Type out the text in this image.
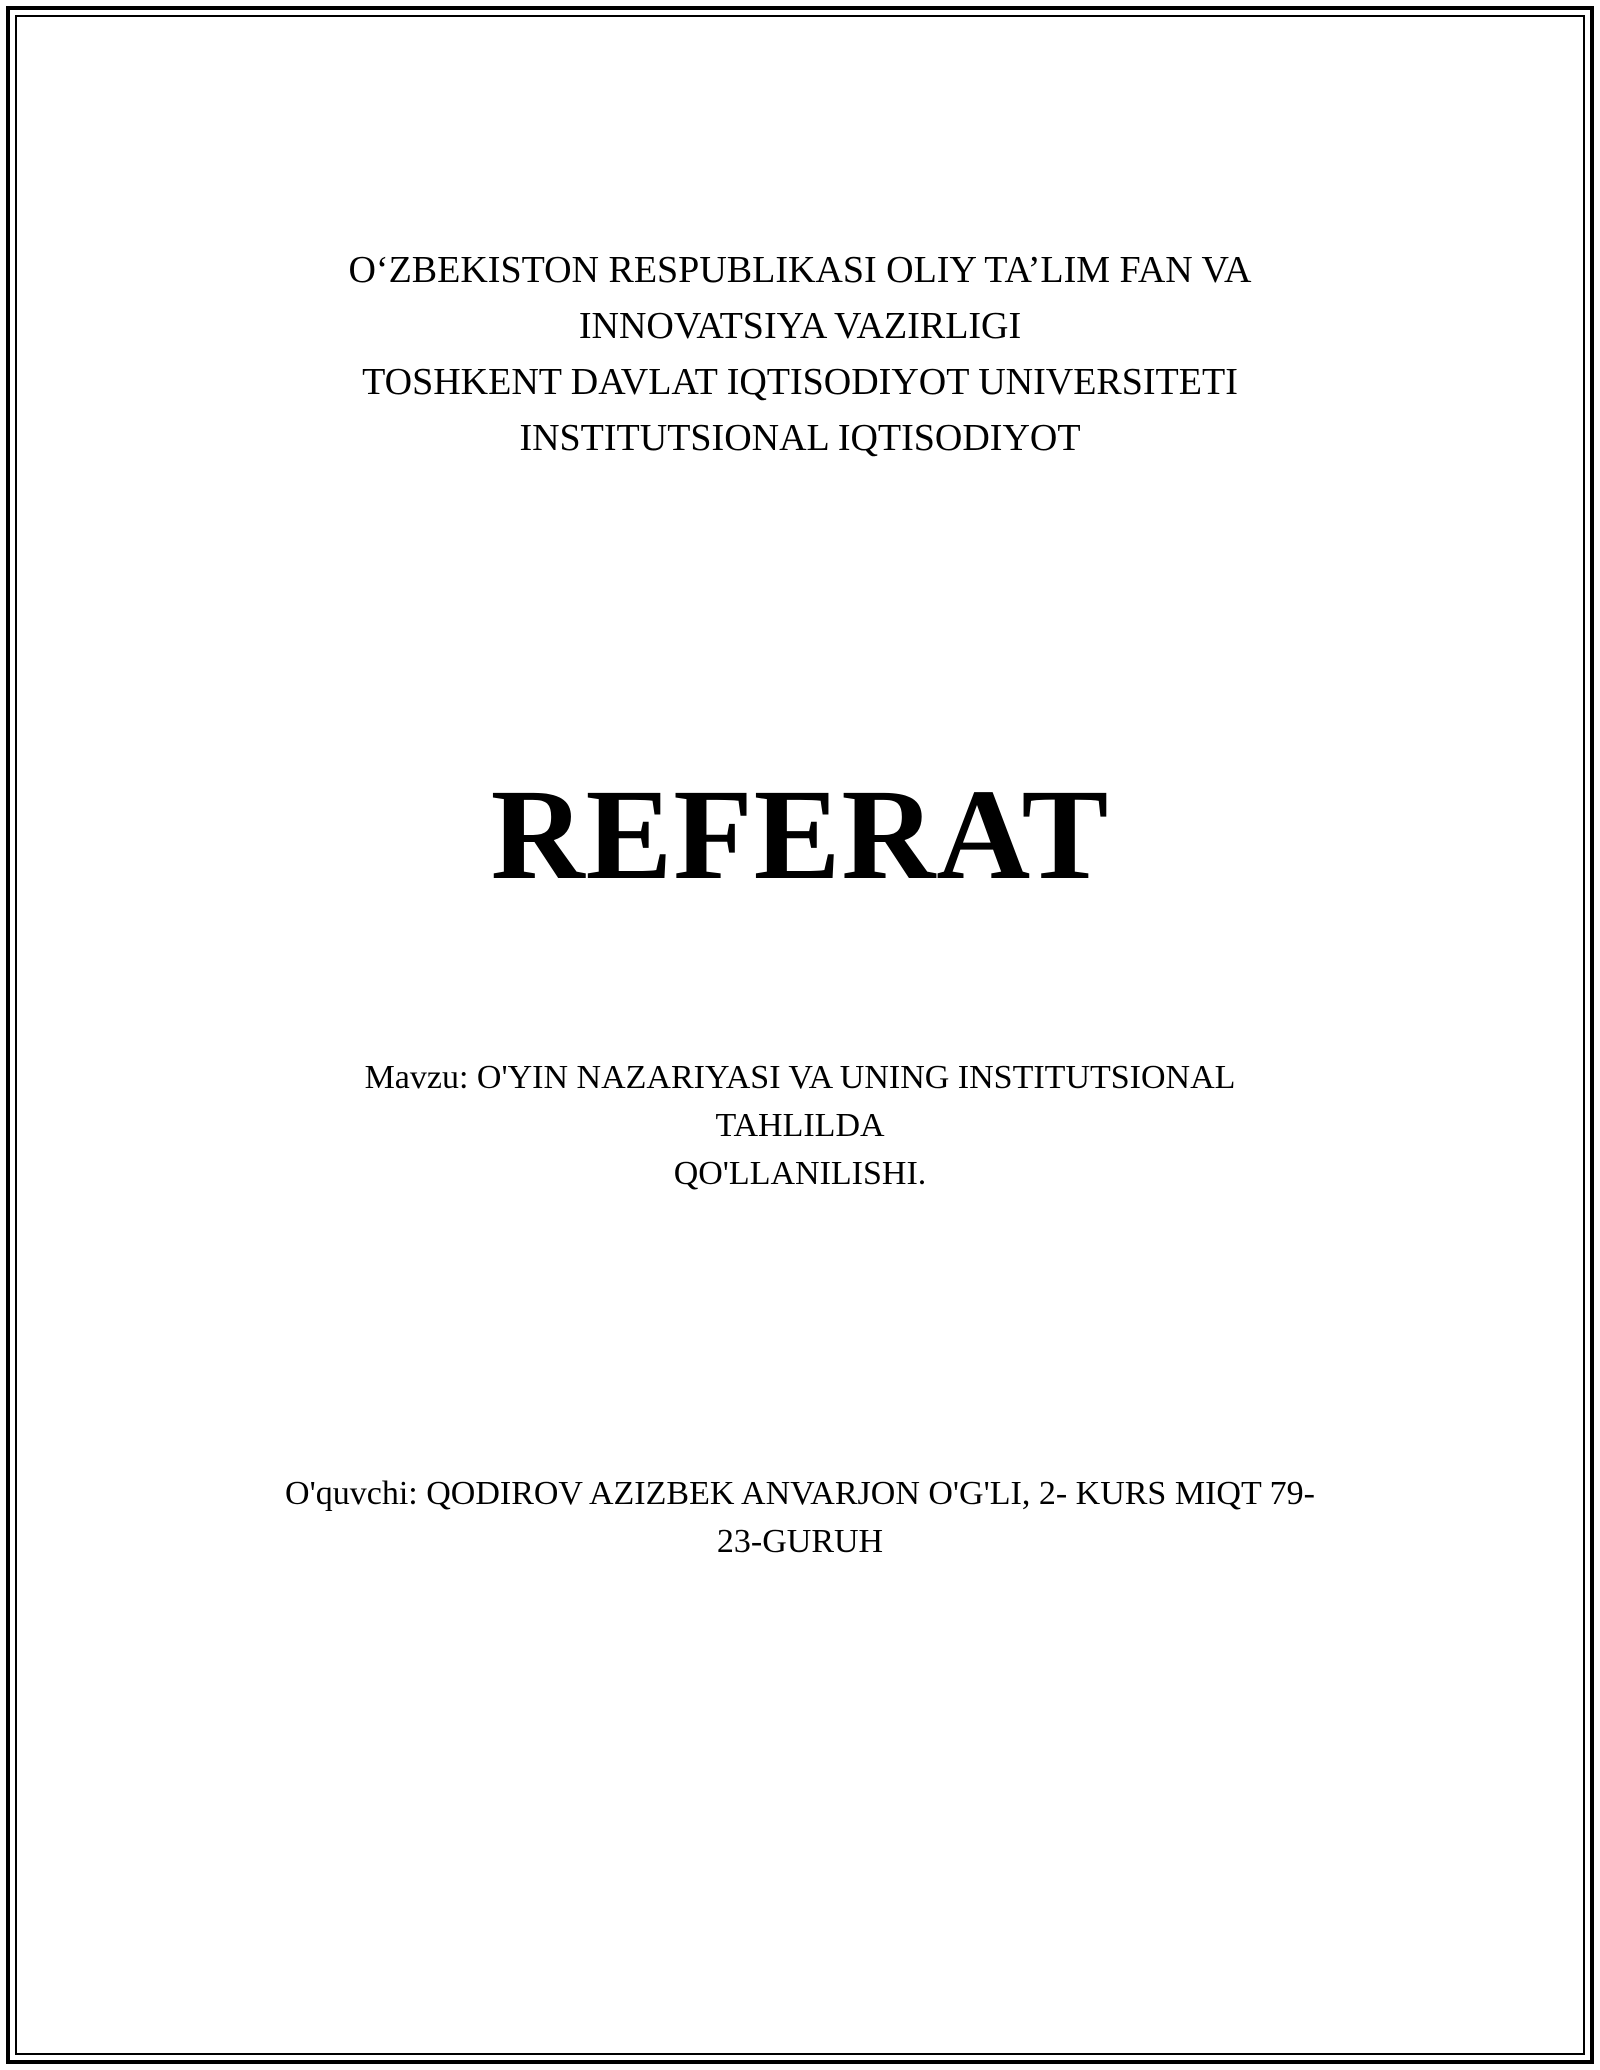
O‘ZBEKISTON RESPUBLIKASI OLIY TA’LIM FAN VA
INNOVATSIYA VAZIRLIGI
TOSHKENT DAVLAT IQTISODIYOT UNIVERSITETI
INSTITUTSIONAL IQTISODIYOT
REFERAT
Mavzu: O'YIN NAZARIYASI VA UNING INSTITUTSIONAL
TAHLILDA
QO'LLANILISHI.
O'quvchi: QODIROV AZIZBEK ANVARJON O'G'LI, 2- KURS MIQT 79-
23-GURUH
